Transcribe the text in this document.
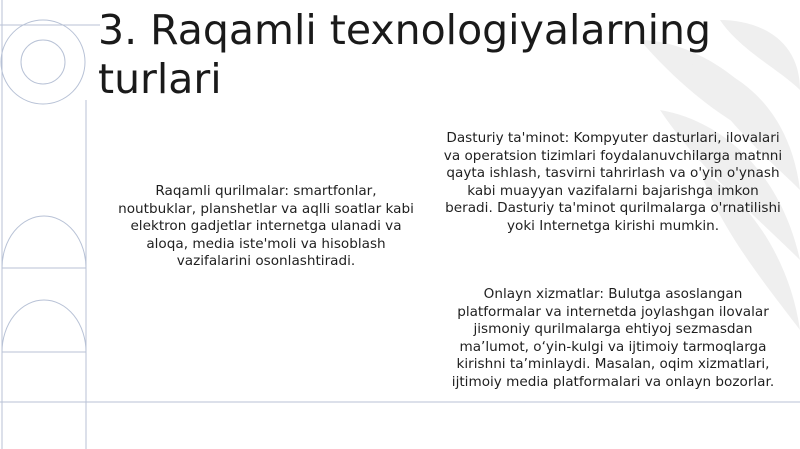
3. Raqamli texnologiyalarning turlari
Raqamli qurilmalar: smartfonlar, noutbuklar, planshetlar va aqlli soatlar kabi elektron gadjetlar internetga ulanadi va aloqa, media iste'moli va hisoblash vazifalarini osonlashtiradi.
Dasturiy ta'minot: Kompyuter dasturlari, ilovalari va operatsion tizimlari foydalanuvchilarga matnni qayta ishlash, tasvirni tahrirlash va o'yin o'ynash kabi muayyan vazifalarni bajarishga imkon beradi. Dasturiy ta'minot qurilmalarga o'rnatilishi yoki Internetga kirishi mumkin.
Onlayn xizmatlar: Bulutga asoslangan platformalar va internetda joylashgan ilovalar jismoniy qurilmalarga ehtiyoj sezmasdan ma’lumot, o‘yin-kulgi va ijtimoiy tarmoqlarga kirishni ta’minlaydi. Masalan, oqim xizmatlari, ijtimoiy media platformalari va onlayn bozorlar.
